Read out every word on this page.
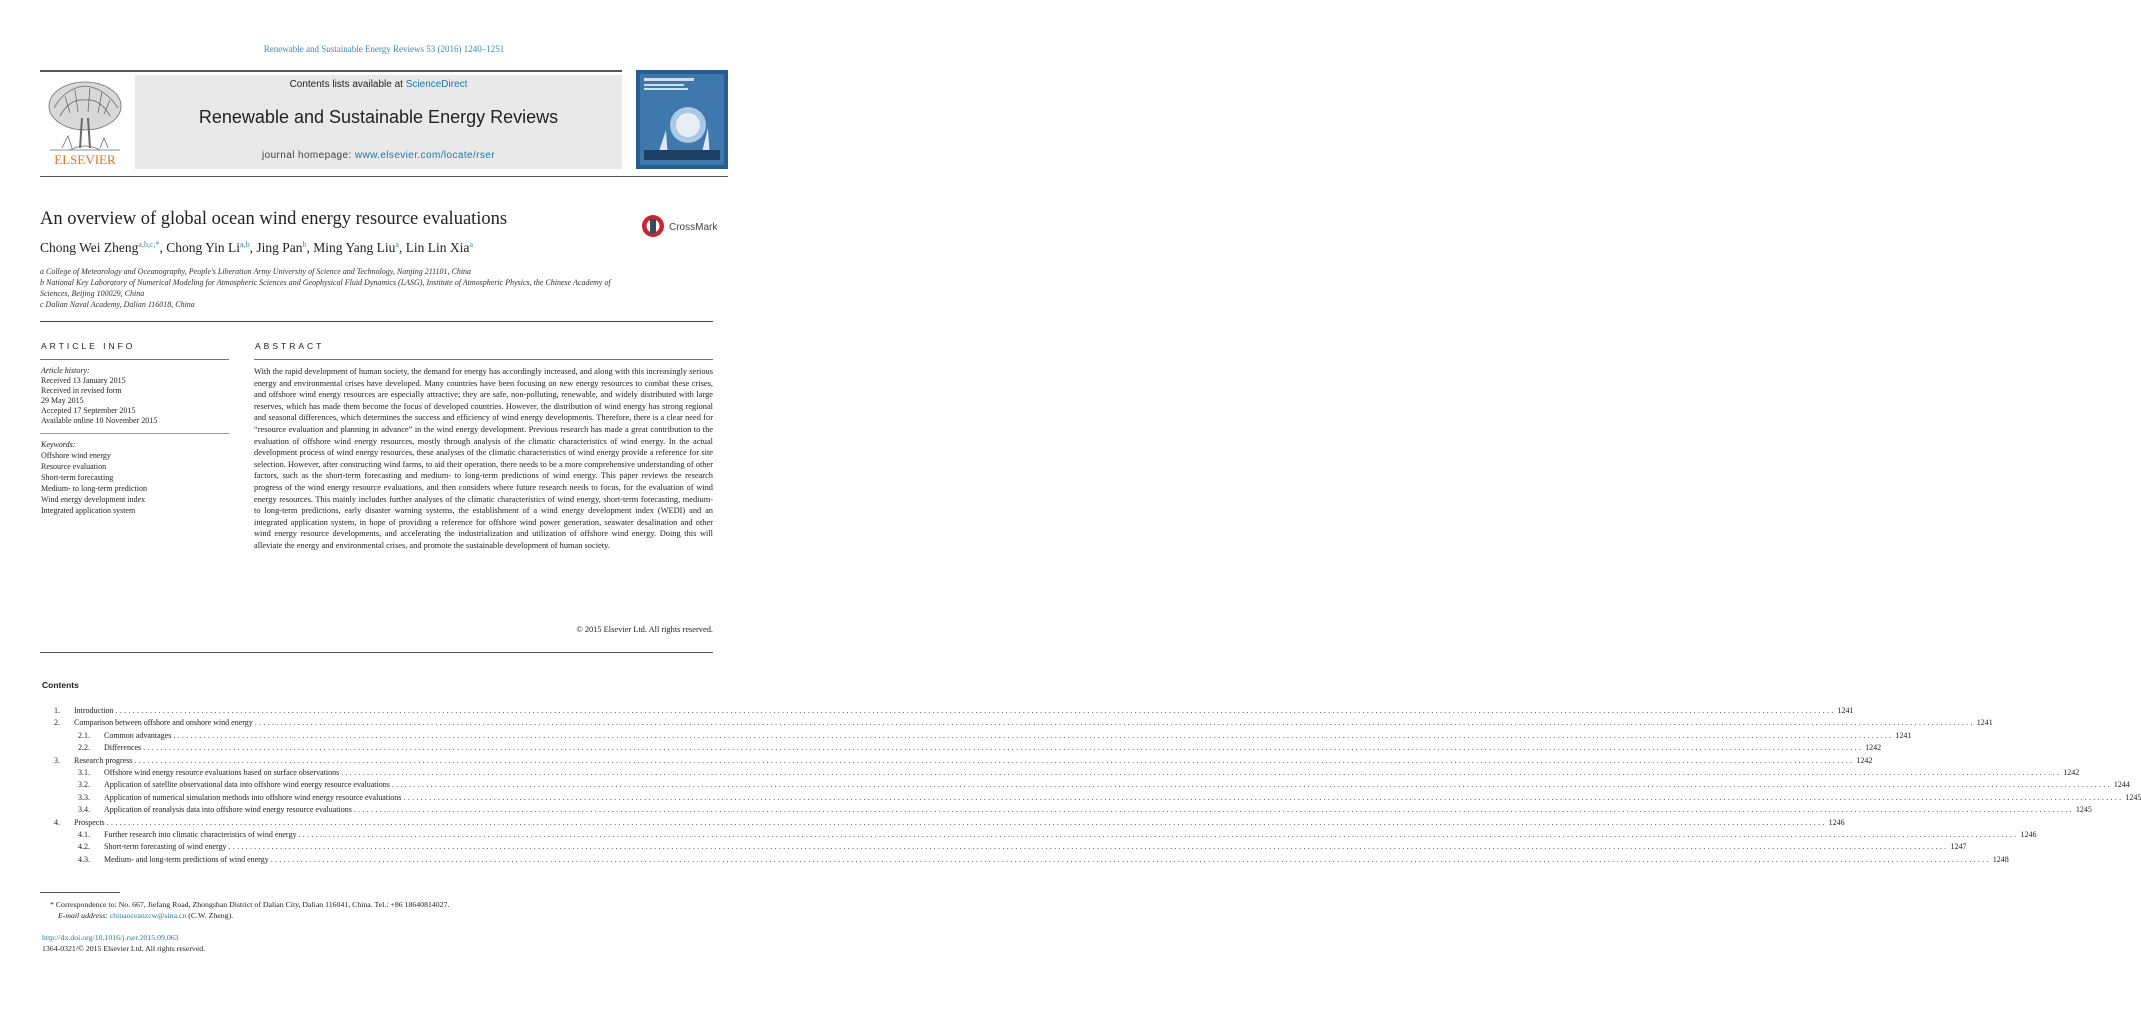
Renewable and Sustainable Energy Reviews 53 (2016) 1240–1251
ELSEVIER
Contents lists available at ScienceDirect
Renewable and Sustainable Energy Reviews
journal homepage: www.elsevier.com/locate/rser
An overview of global ocean wind energy resource evaluations	CrossMark
Chong Wei Zheng$^{a,b,c,*}$, Chong Yin Li$^{a,b}$, Jing Pan$^b$, Ming Yang Liu$^a$, Lin Lin Xia$^a$

a College of Meteorology and Oceanography, People's Liberation Army University of Science and Technology, Nanjing 211101, China

b National Key Laboratory of Numerical Modeling for Atmospheric Sciences and Geophysical Fluid Dynamics (LASG), Institute of Atmospheric Physics, the Chinese Academy of Sciences, Beijing 100029, China

c Dalian Naval Academy, Dalian 116018, China

ARTICLE INFO	ABSTRACT
Article history:
Received 13 January 2015
Received in revised form
29 May 2015
Accepted 17 September 2015
Available online 10 November 2015
Keywords:
Offshore wind energy
Resource evaluation
Short-term forecasting
Medium- to long-term prediction
Wind energy development index
Integrated application system
With the rapid development of human society, the demand for energy has accordingly increased, and along with this increasingly serious energy and environmental crises have developed. Many countries have been focusing on new energy resources to combat these crises, and offshore wind energy resources are especially attractive; they are safe, non-polluting, renewable, and widely distributed with large reserves, which has made them become the focus of developed countries. However, the distribution of wind energy has strong regional and seasonal differences, which determines the success and efficiency of wind energy developments. Therefore, there is a clear need for “resource evaluation and planning in advance” in the wind energy development. Previous research has made a great contribution to the evaluation of offshore wind energy resources, mostly through analysis of the climatic characteristics of wind energy. In the actual development process of wind energy resources, these analyses of the climatic characteristics of wind energy provide a reference for site selection. However, after constructing wind farms, to aid their operation, there needs to be a more comprehensive understanding of other factors, such as the short-term forecasting and medium- to long-term predictions of wind energy. This paper reviews the research progress of the wind energy resource evaluations, and then considers where future research needs to focus, for the evaluation of wind energy resources. This mainly includes further analyses of the climatic characteristics of wind energy, short-term forecasting, medium- to long-term predictions, early disaster warning systems, the establishment of a wind energy development index (WEDI) and an integrated application system, in hope of providing a reference for offshore wind power generation, seawater desalination and other wind energy resource developments, and accelerating the industrialization and utilization of offshore wind energy. Doing this will alleviate the energy and environmental crises, and promote the sustainable development of human society.
© 2015 Elsevier Ltd. All rights reserved.
Contents
1. Introduction ................................................................................................................................................................................................................................................................................................................................................................................................................ 1241
2. Comparison between offshore and onshore wind energy ................................................................................................................................................................................................................................................................................................................................................................................................................ 1241
2.1. Common advantages ................................................................................................................................................................................................................................................................................................................................................................................................................ 1241
2.2. Differences ................................................................................................................................................................................................................................................................................................................................................................................................................ 1242
3. Research progress ................................................................................................................................................................................................................................................................................................................................................................................................................ 1242
3.1. Offshore wind energy resource evaluations based on surface observations ................................................................................................................................................................................................................................................................................................................................................................................................................ 1242
3.2. Application of satellite observational data into offshore wind energy resource evaluations ................................................................................................................................................................................................................................................................................................................................................................................................................ 1244
3.3. Application of numerical simulation methods into offshore wind energy resource evaluations ................................................................................................................................................................................................................................................................................................................................................................................................................ 1245
3.4. Application of reanalysis data into offshore wind energy resource evaluations ................................................................................................................................................................................................................................................................................................................................................................................................................ 1245
4. Prospects ................................................................................................................................................................................................................................................................................................................................................................................................................ 1246
4.1. Further research into climatic characteristics of wind energy ................................................................................................................................................................................................................................................................................................................................................................................................................ 1246
4.2. Short-term forecasting of wind energy ................................................................................................................................................................................................................................................................................................................................................................................................................ 1247
4.3. Medium- and long-term predictions of wind energy ................................................................................................................................................................................................................................................................................................................................................................................................................ 1248

* Correspondence to: No. 667, Jiefang Road, Zhongshan District of Dalian City, Dalian 116041, China. Tel.: +86 18640814027.

E-mail address: chinaoceanzcw@sina.cn (C.W. Zheng).

http://dx.doi.org/10.1016/j.rser.2015.09.063

1364-0321/© 2015 Elsevier Ltd. All rights reserved.
